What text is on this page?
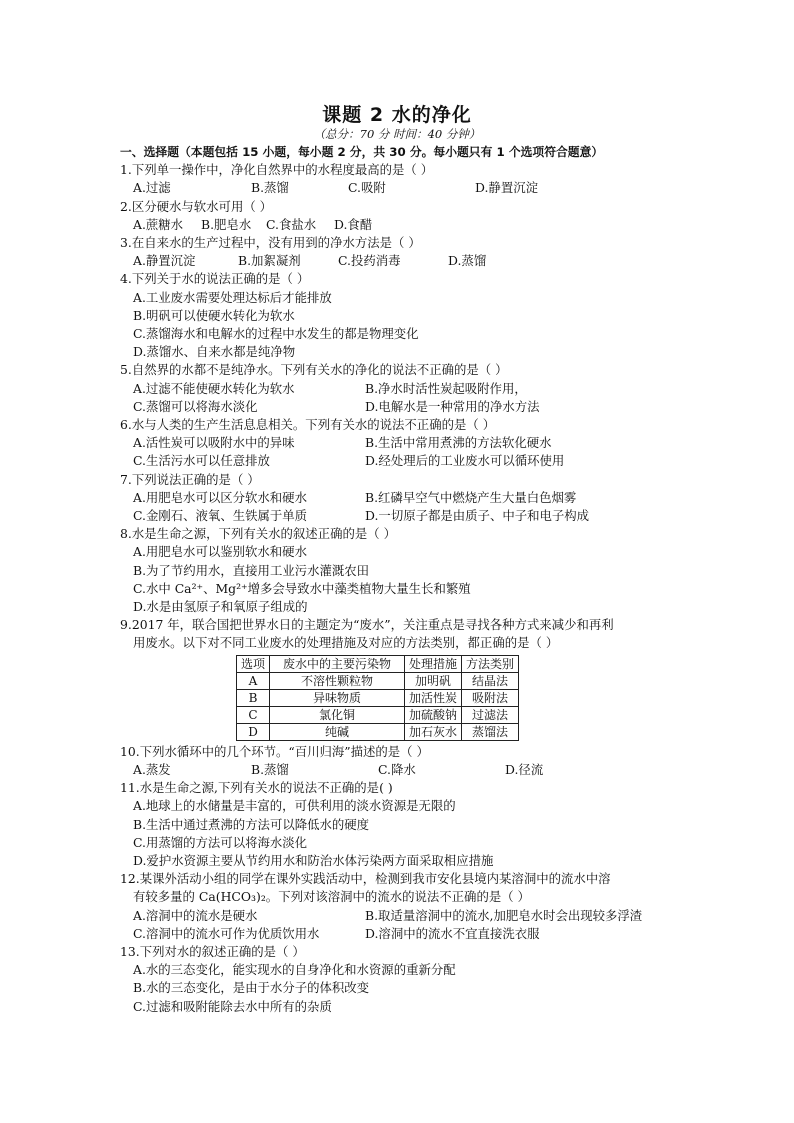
课题 2 水的净化
（总分：70 分 时间：40 分钟）
一、选择题（本题包括 15 小题，每小题 2 分，共 30 分。每小题只有 1 个选项符合题意）
1.下列单一操作中，净化自然界中的水程度最高的是（ ）
A.过滤	B.蒸馏	C.吸附	D.静置沉淀
2.区分硬水与软水可用（ ）
A.蔗糖水	B.肥皂水	C.食盐水	D.食醋
3.在自来水的生产过程中，没有用到的净水方法是（ ）
A.静置沉淀	B.加絮凝剂	C.投药消毒	D.蒸馏
4.下列关于水的说法正确的是（ ）
A.工业废水需要处理达标后才能排放
B.明矾可以使硬水转化为软水
C.蒸馏海水和电解水的过程中水发生的都是物理变化
D.蒸馏水、自来水都是纯净物
5.自然界的水都不是纯净水。下列有关水的净化的说法不正确的是（ ）
A.过滤不能使硬水转化为软水	B.净水时活性炭起吸附作用，
C.蒸馏可以将海水淡化	D.电解水是一种常用的净水方法
6.水与人类的生产生活息息相关。下列有关水的说法不正确的是（ ）
A.活性炭可以吸附水中的异味	B.生活中常用煮沸的方法软化硬水
C.生活污水可以任意排放	D.经处理后的工业废水可以循环使用
7.下列说法正确的是（ ）
A.用肥皂水可以区分软水和硬水	B.红磷早空气中燃烧产生大量白色烟雾
C.金刚石、液氧、生铁属于单质	D.一切原子都是由质子、中子和电子构成
8.水是生命之源，下列有关水的叙述正确的是（ ）
A.用肥皂水可以鉴别软水和硬水
B.为了节约用水，直接用工业污水灌溉农田
C.水中 Ca²⁺、Mg²⁺增多会导致水中藻类植物大量生长和繁殖
D.水是由氢原子和氧原子组成的
9.2017 年，联合国把世界水日的主题定为“废水”，关注重点是寻找各种方式来减少和再利
用废水。以下对不同工业废水的处理措施及对应的方法类别，都正确的是（ ）
选项	废水中的主要污染物	处理措施	方法类别
A	不溶性颗粒物	加明矾	结晶法
B	异味物质	加活性炭	吸附法
C	氯化铜	加硫酸钠	过滤法
D	纯碱	加石灰水	蒸馏法
10.下列水循环中的几个环节。“百川归海”描述的是（ ）
A.蒸发	B.蒸馏	C.降水	D.径流
11.水是生命之源,下列有关水的说法不正确的是( )
A.地球上的水储量是丰富的，可供利用的淡水资源是无限的
B.生活中通过煮沸的方法可以降低水的硬度
C.用蒸馏的方法可以将海水淡化
D.爱护水资源主要从节约用水和防治水体污染两方面采取相应措施
12.某课外活动小组的同学在课外实践活动中，检测到我市安化县境内某溶洞中的流水中溶
有较多量的 Ca(HCO₃)₂。下列对该溶洞中的流水的说法不正确的是（ ）
A.溶洞中的流水是硬水	B.取适量溶洞中的流水,加肥皂水时会出现较多浮渣
C.溶洞中的流水可作为优质饮用水	D.溶洞中的流水不宜直接洗衣服
13.下列对水的叙述正确的是（ ）
A.水的三态变化，能实现水的自身净化和水资源的重新分配
B.水的三态变化，是由于水分子的体积改变
C.过滤和吸附能除去水中所有的杂质
